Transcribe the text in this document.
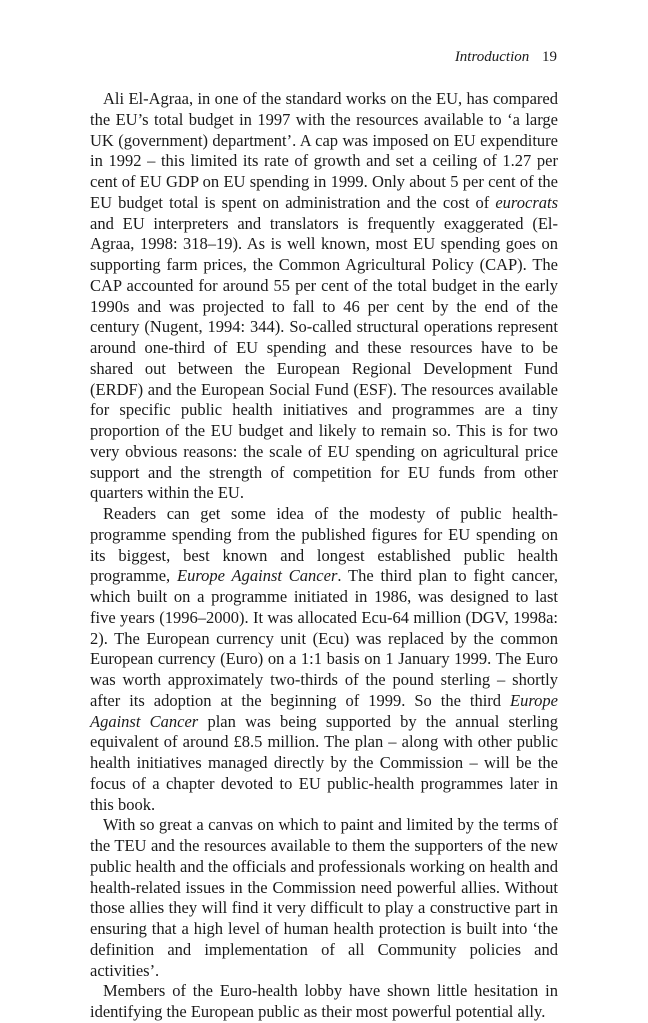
Introduction 19

Ali El-Agraa, in one of the standard works on the EU, has compared the EU’s total budget in 1997 with the resources available to ‘a large UK (government) department’. A cap was imposed on EU expenditure in 1992 – this limited its rate of growth and set a ceiling of 1.27 per cent of EU GDP on EU spending in 1999. Only about 5 per cent of the EU budget total is spent on administration and the cost of eurocrats and EU interpreters and translators is frequently exaggerated (El-Agraa, 1998: 318–19). As is well known, most EU spending goes on supporting farm prices, the Common Agricultural Policy (CAP). The CAP accounted for around 55 per cent of the total budget in the early 1990s and was projected to fall to 46 per cent by the end of the century (Nugent, 1994: 344). So-called structural operations represent around one-third of EU spending and these resources have to be shared out between the European Regional Development Fund (ERDF) and the European Social Fund (ESF). The resources available for specific public health initiatives and programmes are a tiny proportion of the EU budget and likely to remain so. This is for two very obvious reasons: the scale of EU spending on agricultural price support and the strength of competition for EU funds from other quarters within the EU.

Readers can get some idea of the modesty of public health-programme spending from the published figures for EU spending on its biggest, best known and longest established public health programme, Europe Against Cancer. The third plan to fight cancer, which built on a programme initiated in 1986, was designed to last five years (1996–2000). It was allocated Ecu-64 million (DGV, 1998a: 2). The European currency unit (Ecu) was replaced by the common European currency (Euro) on a 1:1 basis on 1 January 1999. The Euro was worth approximately two-thirds of the pound sterling – shortly after its adoption at the beginning of 1999. So the third Europe Against Cancer plan was being supported by the annual sterling equivalent of around £8.5 million. The plan – along with other public health initiatives managed directly by the Commission – will be the focus of a chapter devoted to EU public-health programmes later in this book.

With so great a canvas on which to paint and limited by the terms of the TEU and the resources available to them the supporters of the new public health and the officials and professionals working on health and health-related issues in the Commission need powerful allies. Without those allies they will find it very difficult to play a constructive part in ensuring that a high level of human health protection is built into ‘the definition and implementation of all Community policies and activities’.

Members of the Euro-health lobby have shown little hesitation in identifying the European public as their most powerful potential ally.
